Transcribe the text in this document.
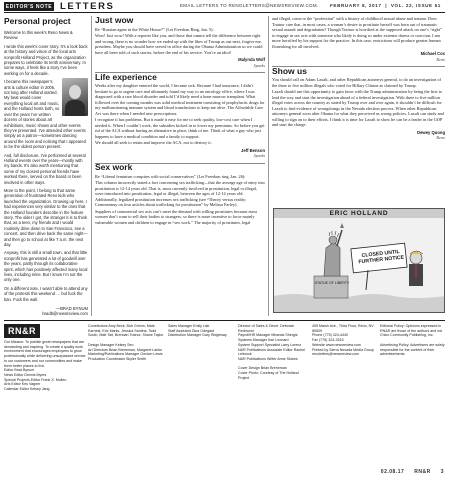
EDITOR'S NOTE LETTERS	EMAIL LETTERS TO RENOLETTERS@NEWSREVIEW.COM.	FEBRUARY 8, 2017  |  VOL. 22, ISSUE 51
Personal project

Welcome to this week’s Reno News & Review.

I wrote this week’s cover story. It’s a look back at the history and vision of the local arts nonprofit Holland Project, as the organization prepares to celebrate its tenth anniversary. In some ways, it feels like a story I’ve been working on for a decade.

I became this newspaper’s arts & culture editor in 2006, not long after Holland started. My beat would cover everything local art and music, and the Holland hosts both, so over the years I’ve written dozens of stories about art exhibitions, music shows and other events they’ve presented. I’ve attended other events simply as a patron—sometimes dancing around the room and noticing that I appeared to be the oldest person present.

And, full disclosure, I’ve performed at several Holland events over the years—mostly with my bands. It’s also worth mentioning that some of my closest personal friends have worked there, served on the board or been involved in other ways.

More to the point, I belong to that same generation of frustrated Reno kids who launched the organization. Growing up here, I had experiences very similar to the ones that the Holland founders describe in the feature story. The older I got, the stranger it is to think that, as a teen, my friends and I would routinely drive down to San Francisco, see a concert, and then drive back the same night—and then go to school at like 7 a.m. the next day.

Anyway, this is still a small town, and that little nonprofit has generated a lot of goodwill over the years, partly through its collaborative spirit, which has positively affected many local lives, including mine. But I know I’m not the only one.

On a different note, I wasn’t able to attend any of the protests this weekend … but fuck the ban. Fuck the wall.

—BRAD BYNUM
bradb@newsreview.com
Just wow

Re “Russian agent in the White House?” (Let Freedom Ring, Jan. 5):

Wow! Just wow! With a reporter like you, and those that cannot tell the difference between right and wrong, there is no wonder how we ended up with the likes of Trump as our next, forgive me, president. Maybe you should have served in office during the Obama Administration so we could have all been told of such stories, before the end of his service. You’re an idiot!

Malynda Wolf
Sparks
Life experience

Weeks after my daughter entered the world, I became sick. Because I had insurance, I didn’t hesitate to go to urgent care and ultimately found my way to an oncology office, where I was diagnosed with a rare blood disorder and told I’d likely need a bone marrow transplant. What followed over the coming months was solid medical treatment consisting of prophylactic drugs for my malfunctioning immune system and blood transfusions to keep me alive. The Affordable Care Act was there when I needed new prescriptions.

I recognize it has problems. But it made it easy for me to seek quality, low-cost care when I needed it. When I couldn’t work, the subsidies kicked in to lower my premiums. So before you get rid of the ACA without having an alternative in place, think of me. Think of what a guy who just happens to have a medical condition and a family to support.

We should all seek to retain and improve the ACA, not to destroy it.

Jeff Benson
Sparks
Sex work

Re “Liberal feminism conspires with social conservatives” (Let Freedom ring, Jan. 26):

This column incorrectly stated a fact concerning sex trafficking—that the average age of entry into prostitution is 12-14 years old. That is, most currently involved in prostitution, legal or illegal, were introduced into prostitution, legal or illegal, between the ages of 12-14 years old. Additionally, legalized prostitution increases sex trafficking (see “Theory versus reality: Commentary on four articles about trafficking for prostitution” by Melissa Farley).

Suppliers of commercial sex acts can’t meet the demand with willing prostitutes because most women don’t want to sell their bodies to strangers, so there is more incentive to force mainly vulnerable women and children to engage in “sex work.” The majority of prostitutes, legal

and illegal, come to the “profession” with a history of childhood sexual abuse and trauma. Does Trainor care that, in most cases, a woman’s desire to prostitute herself was born out of traumatic sexual assault and degradation? Though Trainor is horrified at the supposed attack on one’s “right” to engage in sex acts with someone who likely is doing so under extreme duress or coercion, I am more horrified by his support for the practice. In this case, restrictions will produce greater human flourishing for all involved.

Michael Cox
Reno
Show us

You should call on Adam Laxalt, and other Republican attorneys general, to do an investigation of the three to five million illegals who voted for Hillary Clinton as claimed by Trump.

Laxalt should use this opportunity to gain favor with the Trump administration by being the first to lead the way and start the investigation ahead of a federal investigation. With three to five million illegal votes across the country as stated by Trump over and over again, it shouldn’t be difficult for Laxalt to find evidence of wrongdoings in the Nevada election process. When other Republican attorneys general soon after Obama for what they perceived as wrong policies, Laxalt can study and willing to sign on to their efforts. I think it is time for Laxalt to show he can be a leader in the GOP and start the charge.

Dewey Quong
Reno
ERIC HOLLAND
CLOSED UNTIL FURTHER NOTICE
STATUE OF LIBERTY
RN&R
Our Mission: To publish great newspapers that are demanding and inspiring. To create a quality work environment that encourages employees to grow professionally while delivering unsurpassed service to our customers and our communities and make them better places to live.
Editor Brad Bynum
News Editor Dennis Myers
Special Projects Editor Frank X. Mullen
Arts Editor Kris Vagner
Calendar Editor Kelsey Jang

Contributors Amy Beck, Bob Grimm, Mark Earnest, Eric Marks, Jessica Santina, Todd South, Matt Tait, Brendan Trainor, Shane Taylor

Design Manager Kelsey Seo
Art Directors Brian Breneman, Margaret Larkin
Marketing/Publications Manager Gordon Lewis
Production Coordinator Skyler Smith

Sales Manager Emily Lisk
Staff Assistant Gina Odegard
Distribution Manager Gary Ridgeway

Director of Sales & Devel. Deborah Redmond
Payroll/HR Manager Miranda Shergis
Systems Manager Kari Leonard
System Support Specialist Larry Lorenz
N&R Publications Associate Editor Rachel Leibrock
N&R Publications Writer Anne Stokes

Cover Design Brian Breneman
Cover Photo: Courtesy of The Holland Project
405 Marsh Ave., Third Floor, Reno, NV 89509
Phone (775) 324-4440
Fax (775) 324-2515
Website www.newsreview.com
Printed by Sierra Nevada Media Group
renoletters@newsreview.com
Editorial Policy: Opinions expressed in RN&R are those of the authors and not Chico Community Publishing, Inc.

Advertising Policy: Advertisers are solely responsible for the content of their advertisements.
02.08.17 RN&R 3
